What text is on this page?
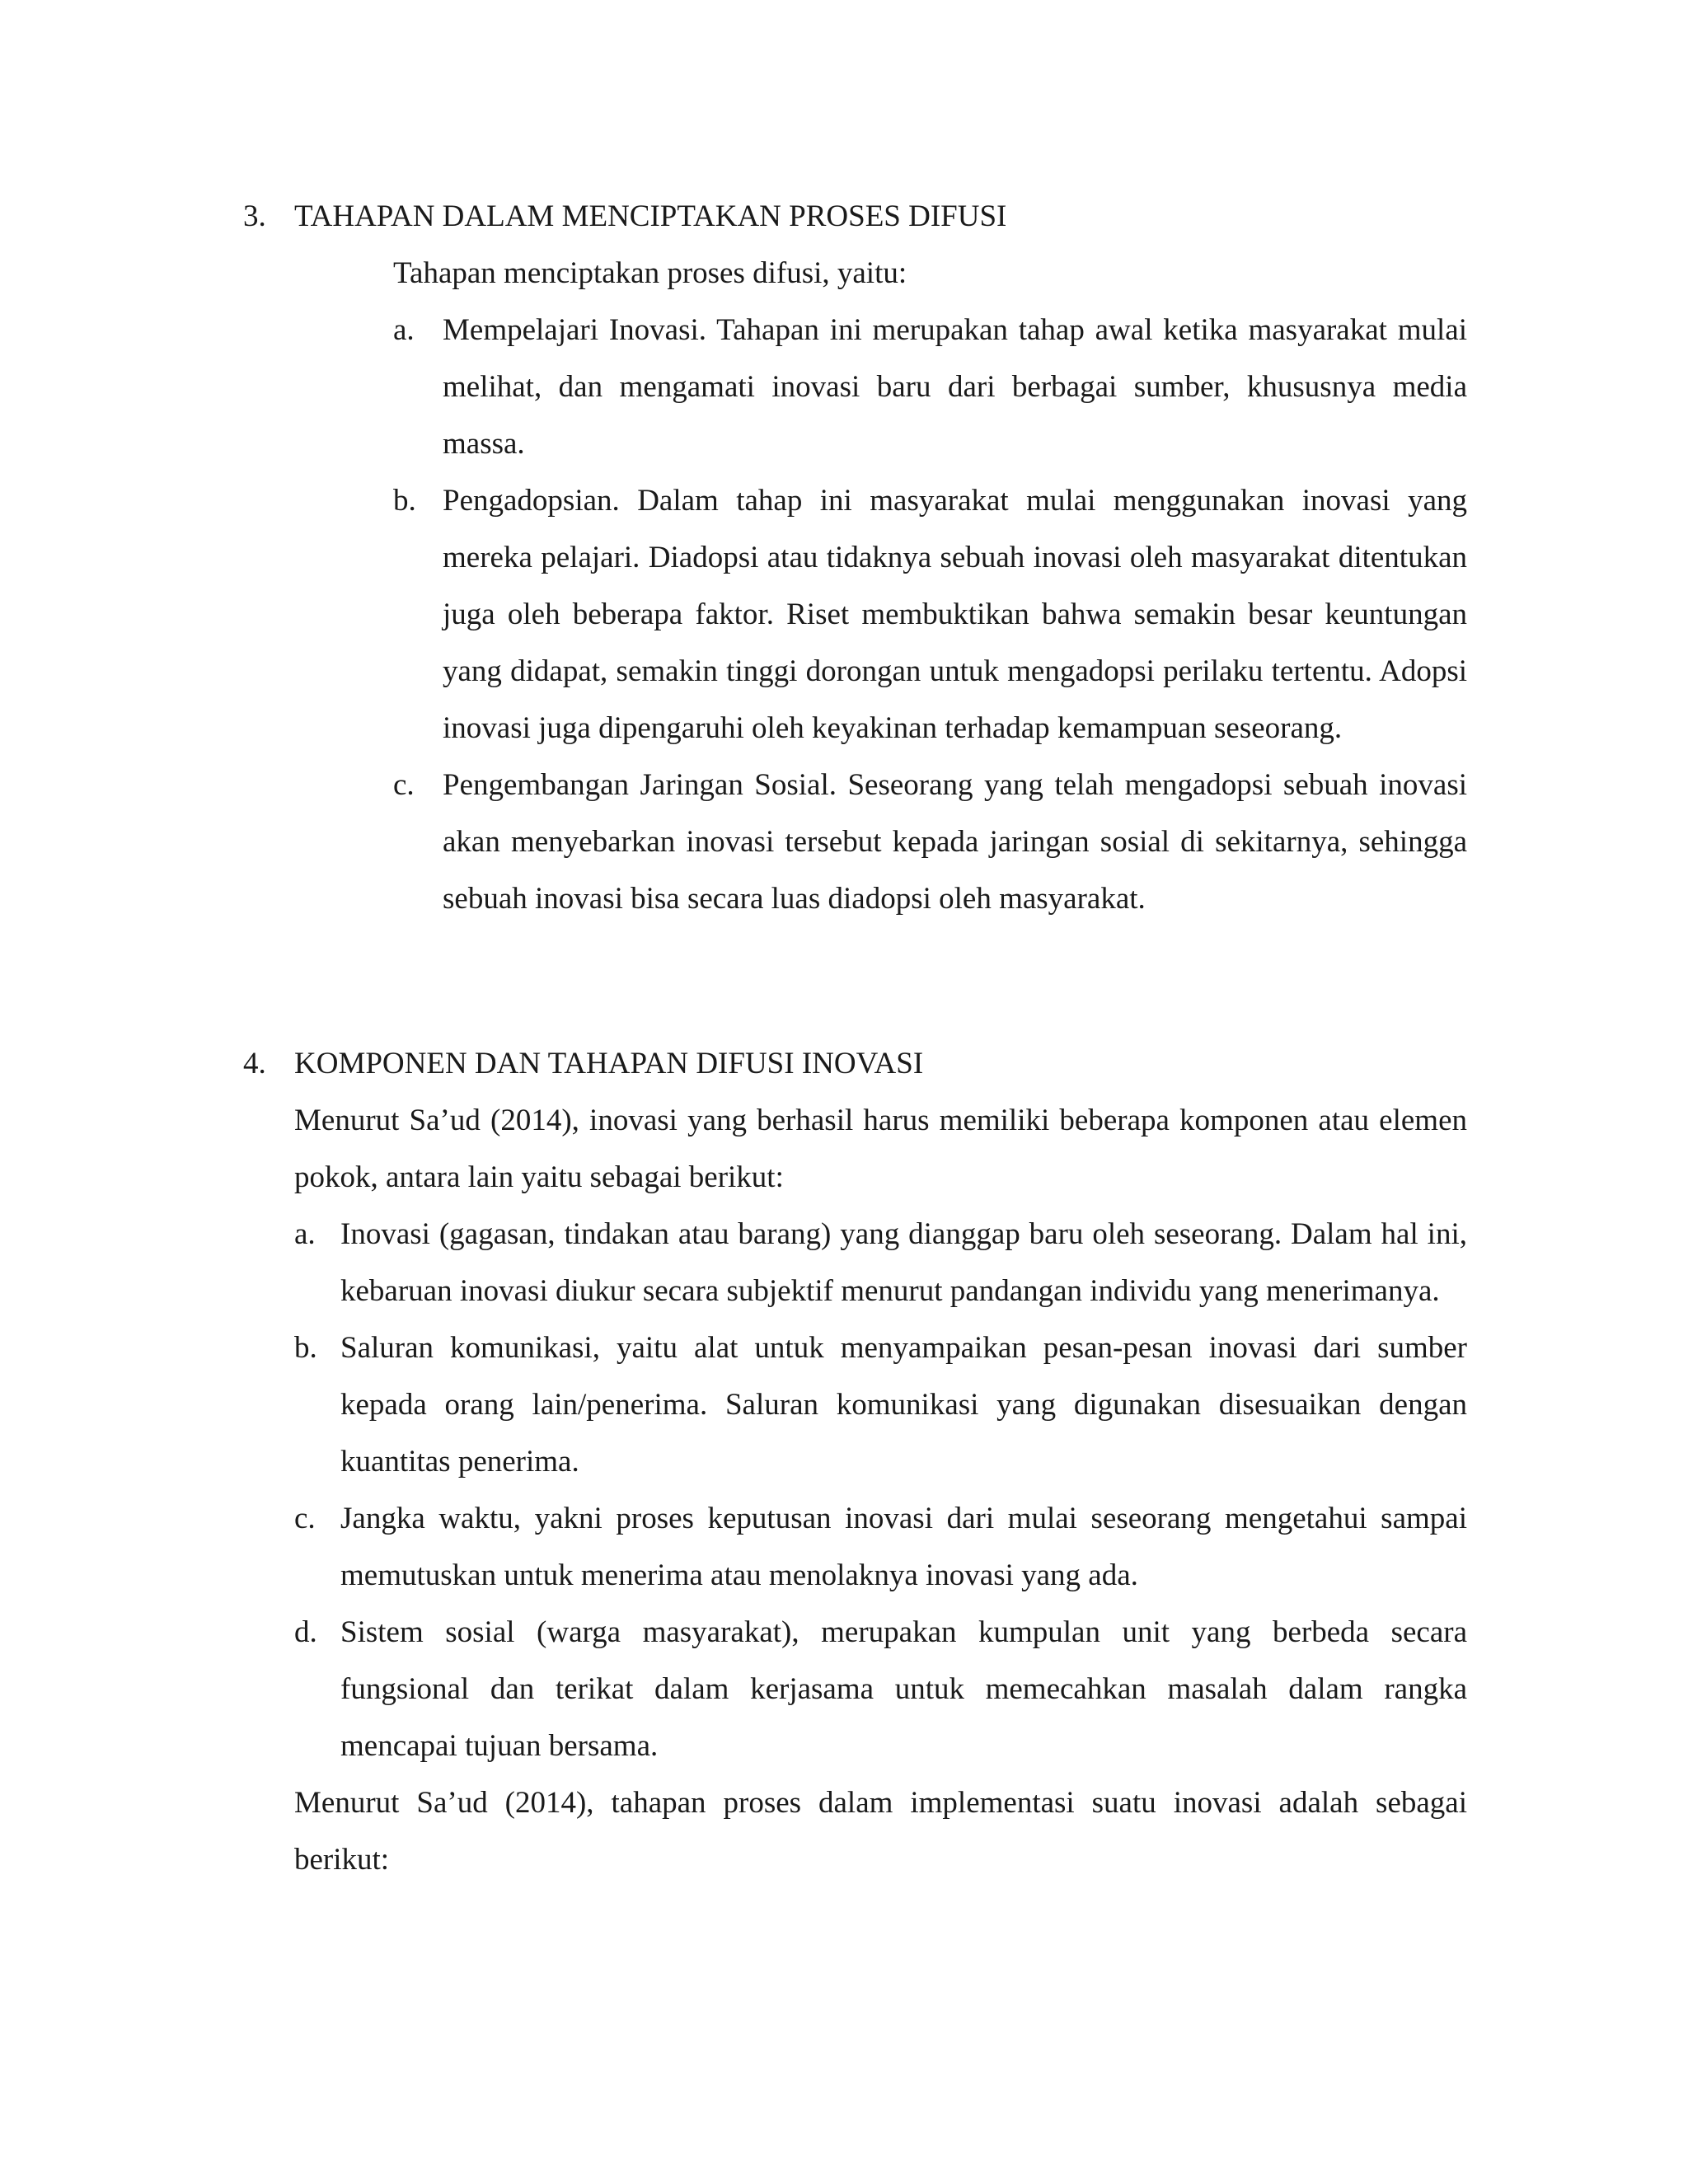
3. TAHAPAN DALAM MENCIPTAKAN PROSES DIFUSI

Tahapan menciptakan proses difusi, yaitu:

a. Mempelajari Inovasi. Tahapan ini merupakan tahap awal ketika masyarakat mulai melihat, dan mengamati inovasi baru dari berbagai sumber, khususnya media massa.
b. Pengadopsian. Dalam tahap ini masyarakat mulai menggunakan inovasi yang mereka pelajari. Diadopsi atau tidaknya sebuah inovasi oleh masyarakat ditentukan juga oleh beberapa faktor. Riset membuktikan bahwa semakin besar keuntungan yang didapat, semakin tinggi dorongan untuk mengadopsi perilaku tertentu. Adopsi inovasi juga dipengaruhi oleh keyakinan terhadap kemampuan seseorang.
c. Pengembangan Jaringan Sosial. Seseorang yang telah mengadopsi sebuah inovasi akan menyebarkan inovasi tersebut kepada jaringan sosial di sekitarnya, sehingga sebuah inovasi bisa secara luas diadopsi oleh masyarakat.
4. KOMPONEN DAN TAHAPAN DIFUSI INOVASI

Menurut Sa’ud (2014), inovasi yang berhasil harus memiliki beberapa komponen atau elemen pokok, antara lain yaitu sebagai berikut:

a. Inovasi (gagasan, tindakan atau barang) yang dianggap baru oleh seseorang. Dalam hal ini, kebaruan inovasi diukur secara subjektif menurut pandangan individu yang menerimanya.
b. Saluran komunikasi, yaitu alat untuk menyampaikan pesan-pesan inovasi dari sumber kepada orang lain/penerima. Saluran komunikasi yang digunakan disesuaikan dengan kuantitas penerima.
c. Jangka waktu, yakni proses keputusan inovasi dari mulai seseorang mengetahui sampai memutuskan untuk menerima atau menolaknya inovasi yang ada.
d. Sistem sosial (warga masyarakat), merupakan kumpulan unit yang berbeda secara fungsional dan terikat dalam kerjasama untuk memecahkan masalah dalam rangka mencapai tujuan bersama.

Menurut Sa’ud (2014), tahapan proses dalam implementasi suatu inovasi adalah sebagai berikut:
